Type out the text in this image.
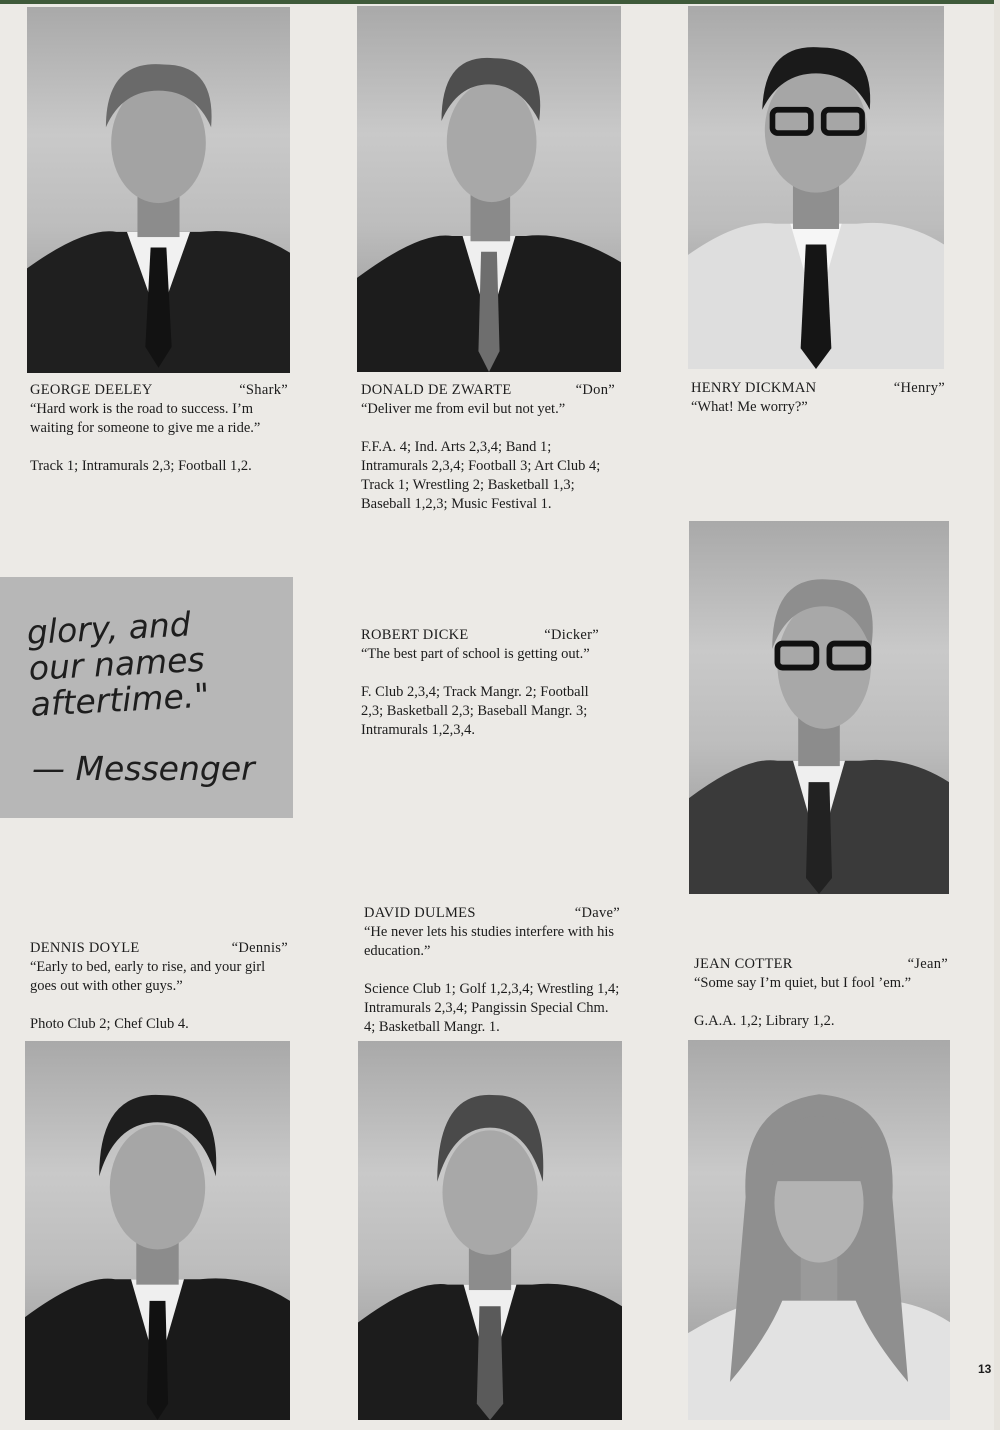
GEORGE DEELEY	“Shark”

“Hard work is the road to success. I’m waiting for someone to give me a ride.”

Track 1; Intramurals 2,3; Football 1,2.
DONALD DE ZWARTE	“Don”

“Deliver me from evil but not yet.”

F.F.A. 4; Ind. Arts 2,3,4; Band 1; Intramurals 2,3,4; Football 3; Art Club 4; Track 1; Wrestling 2; Basketball 1,3; Baseball 1,2,3; Music Festival 1.
HENRY DICKMAN	“Henry”

“What! Me worry?”

glory, and
our names
aftertime."
— Messenger
ROBERT DICKE	“Dicker”

“The best part of school is getting out.”

F. Club 2,3,4; Track Mangr. 2; Football 2,3; Basketball 2,3; Baseball Mangr. 3; Intramurals 1,2,3,4.
DAVID DULMES	“Dave”

“He never lets his studies interfere with his education.”

Science Club 1; Golf 1,2,3,4; Wrestling 1,4; Intramurals 2,3,4; Pangissin Special Chm. 4; Basketball Mangr. 1.
DENNIS DOYLE	“Dennis”

“Early to bed, early to rise, and your girl goes out with other guys.”

Photo Club 2; Chef Club 4.
JEAN COTTER	“Jean”

“Some say I’m quiet, but I fool ’em.”

G.A.A. 1,2; Library 1,2.
13
